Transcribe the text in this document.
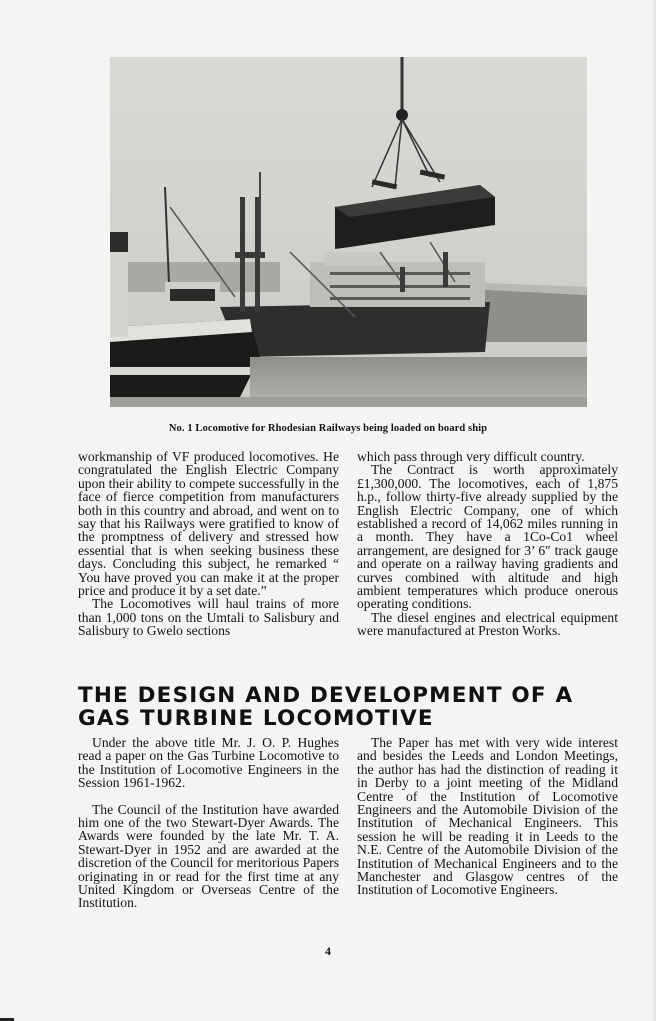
No. 1 Locomotive for Rhodesian Railways being loaded on board ship

workmanship of VF produced locomotives. He congratulated the English Electric Company upon their ability to compete successfully in the face of fierce competition from manufacturers both in this country and abroad, and went on to say that his Railways were gratified to know of the promptness of delivery and stressed how essential that is when seeking business these days. Concluding this subject, he remarked “ You have proved you can make it at the proper price and produce it by a set date.”

The Locomotives will haul trains of more than 1,000 tons on the Umtali to Salisbury and Salisbury to Gwelo sections

which pass through very difficult country.

The Contract is worth approximately £1,300,000. The locomotives, each of 1,875 h.p., follow thirty-five already supplied by the English Electric Company, one of which established a record of 14,062 miles running in a month. They have a 1Co-Co1 wheel arrangement, are designed for 3’ 6″ track gauge and operate on a railway having gradients and curves combined with altitude and high ambient temperatures which produce onerous operating conditions.

The diesel engines and electrical equipment were manufactured at Preston Works.

THE DESIGN AND DEVELOPMENT OF A
GAS TURBINE LOCOMOTIVE

Under the above title Mr. J. O. P. Hughes read a paper on the Gas Turbine Locomotive to the Institution of Locomotive Engineers in the Session 1961-1962.

The Council of the Institution have awarded him one of the two Stewart-Dyer Awards. The Awards were founded by the late Mr. T. A. Stewart-Dyer in 1952 and are awarded at the discretion of the Council for meritorious Papers originating in or read for the first time at any United Kingdom or Overseas Centre of the Institution.

The Paper has met with very wide interest and besides the Leeds and London Meetings, the author has had the distinction of reading it in Derby to a joint meeting of the Midland Centre of the Institution of Locomotive Engineers and the Automobile Division of the Institution of Mechanical Engineers. This session he will be reading it in Leeds to the N.E. Centre of the Automobile Division of the Institution of Mechanical Engineers and to the Manchester and Glasgow centres of the Institution of Locomotive Engineers.

4
